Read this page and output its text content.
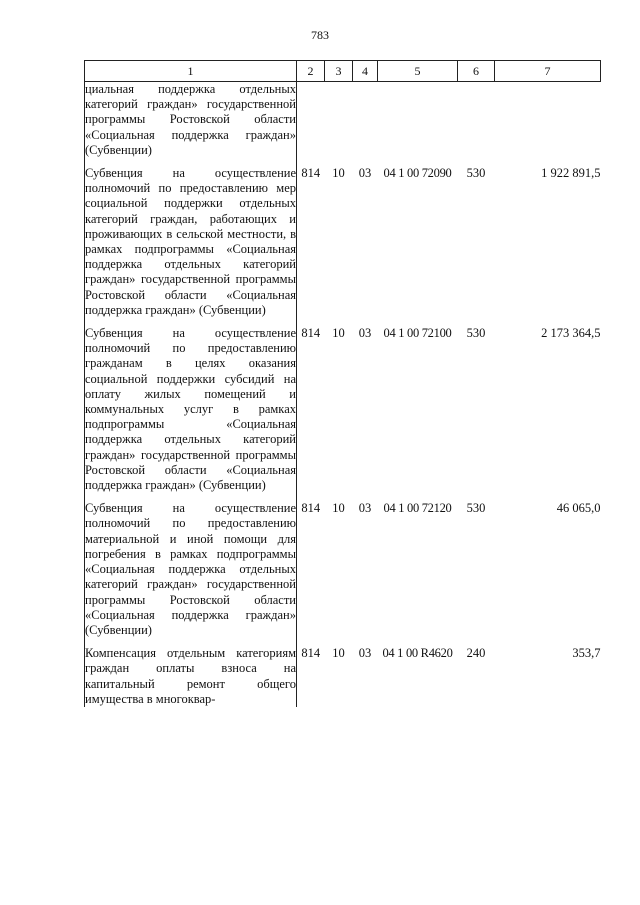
783
1	2	3	4	5	6	7
циальная поддержка отдельных категорий граждан» государственной программы Ростовской области «Социальная поддержка граждан» (Субвенции)						
Субвенция на осуществление полномочий по предоставлению мер социальной поддержки отдельных категорий граждан, работающих и проживающих в сельской местности, в рамках подпрограммы «Социальная поддержка отдельных категорий граждан» государственной программы Ростовской области «Социальная поддержка граждан» (Субвенции)	814	10	03	04 1 00 72090	530	1 922 891,5
Субвенция на осуществление полномочий по предоставлению гражданам в целях оказания социальной поддержки субсидий на оплату жилых помещений и коммунальных услуг в рамках подпрограммы «Социальная поддержка отдельных категорий граждан» государственной программы Ростовской области «Социальная поддержка граждан» (Субвенции)	814	10	03	04 1 00 72100	530	2 173 364,5
Субвенция на осуществление полномочий по предоставлению материальной и иной помощи для погребения в рамках подпрограммы «Социальная поддержка отдельных категорий граждан» государственной программы Ростовской области «Социальная поддержка граждан» (Субвенции)	814	10	03	04 1 00 72120	530	46 065,0
Компенсация отдельным категориям граждан оплаты взноса на капитальный ремонт общего имущества в многоквар-	814	10	03	04 1 00 R4620	240	353,7
